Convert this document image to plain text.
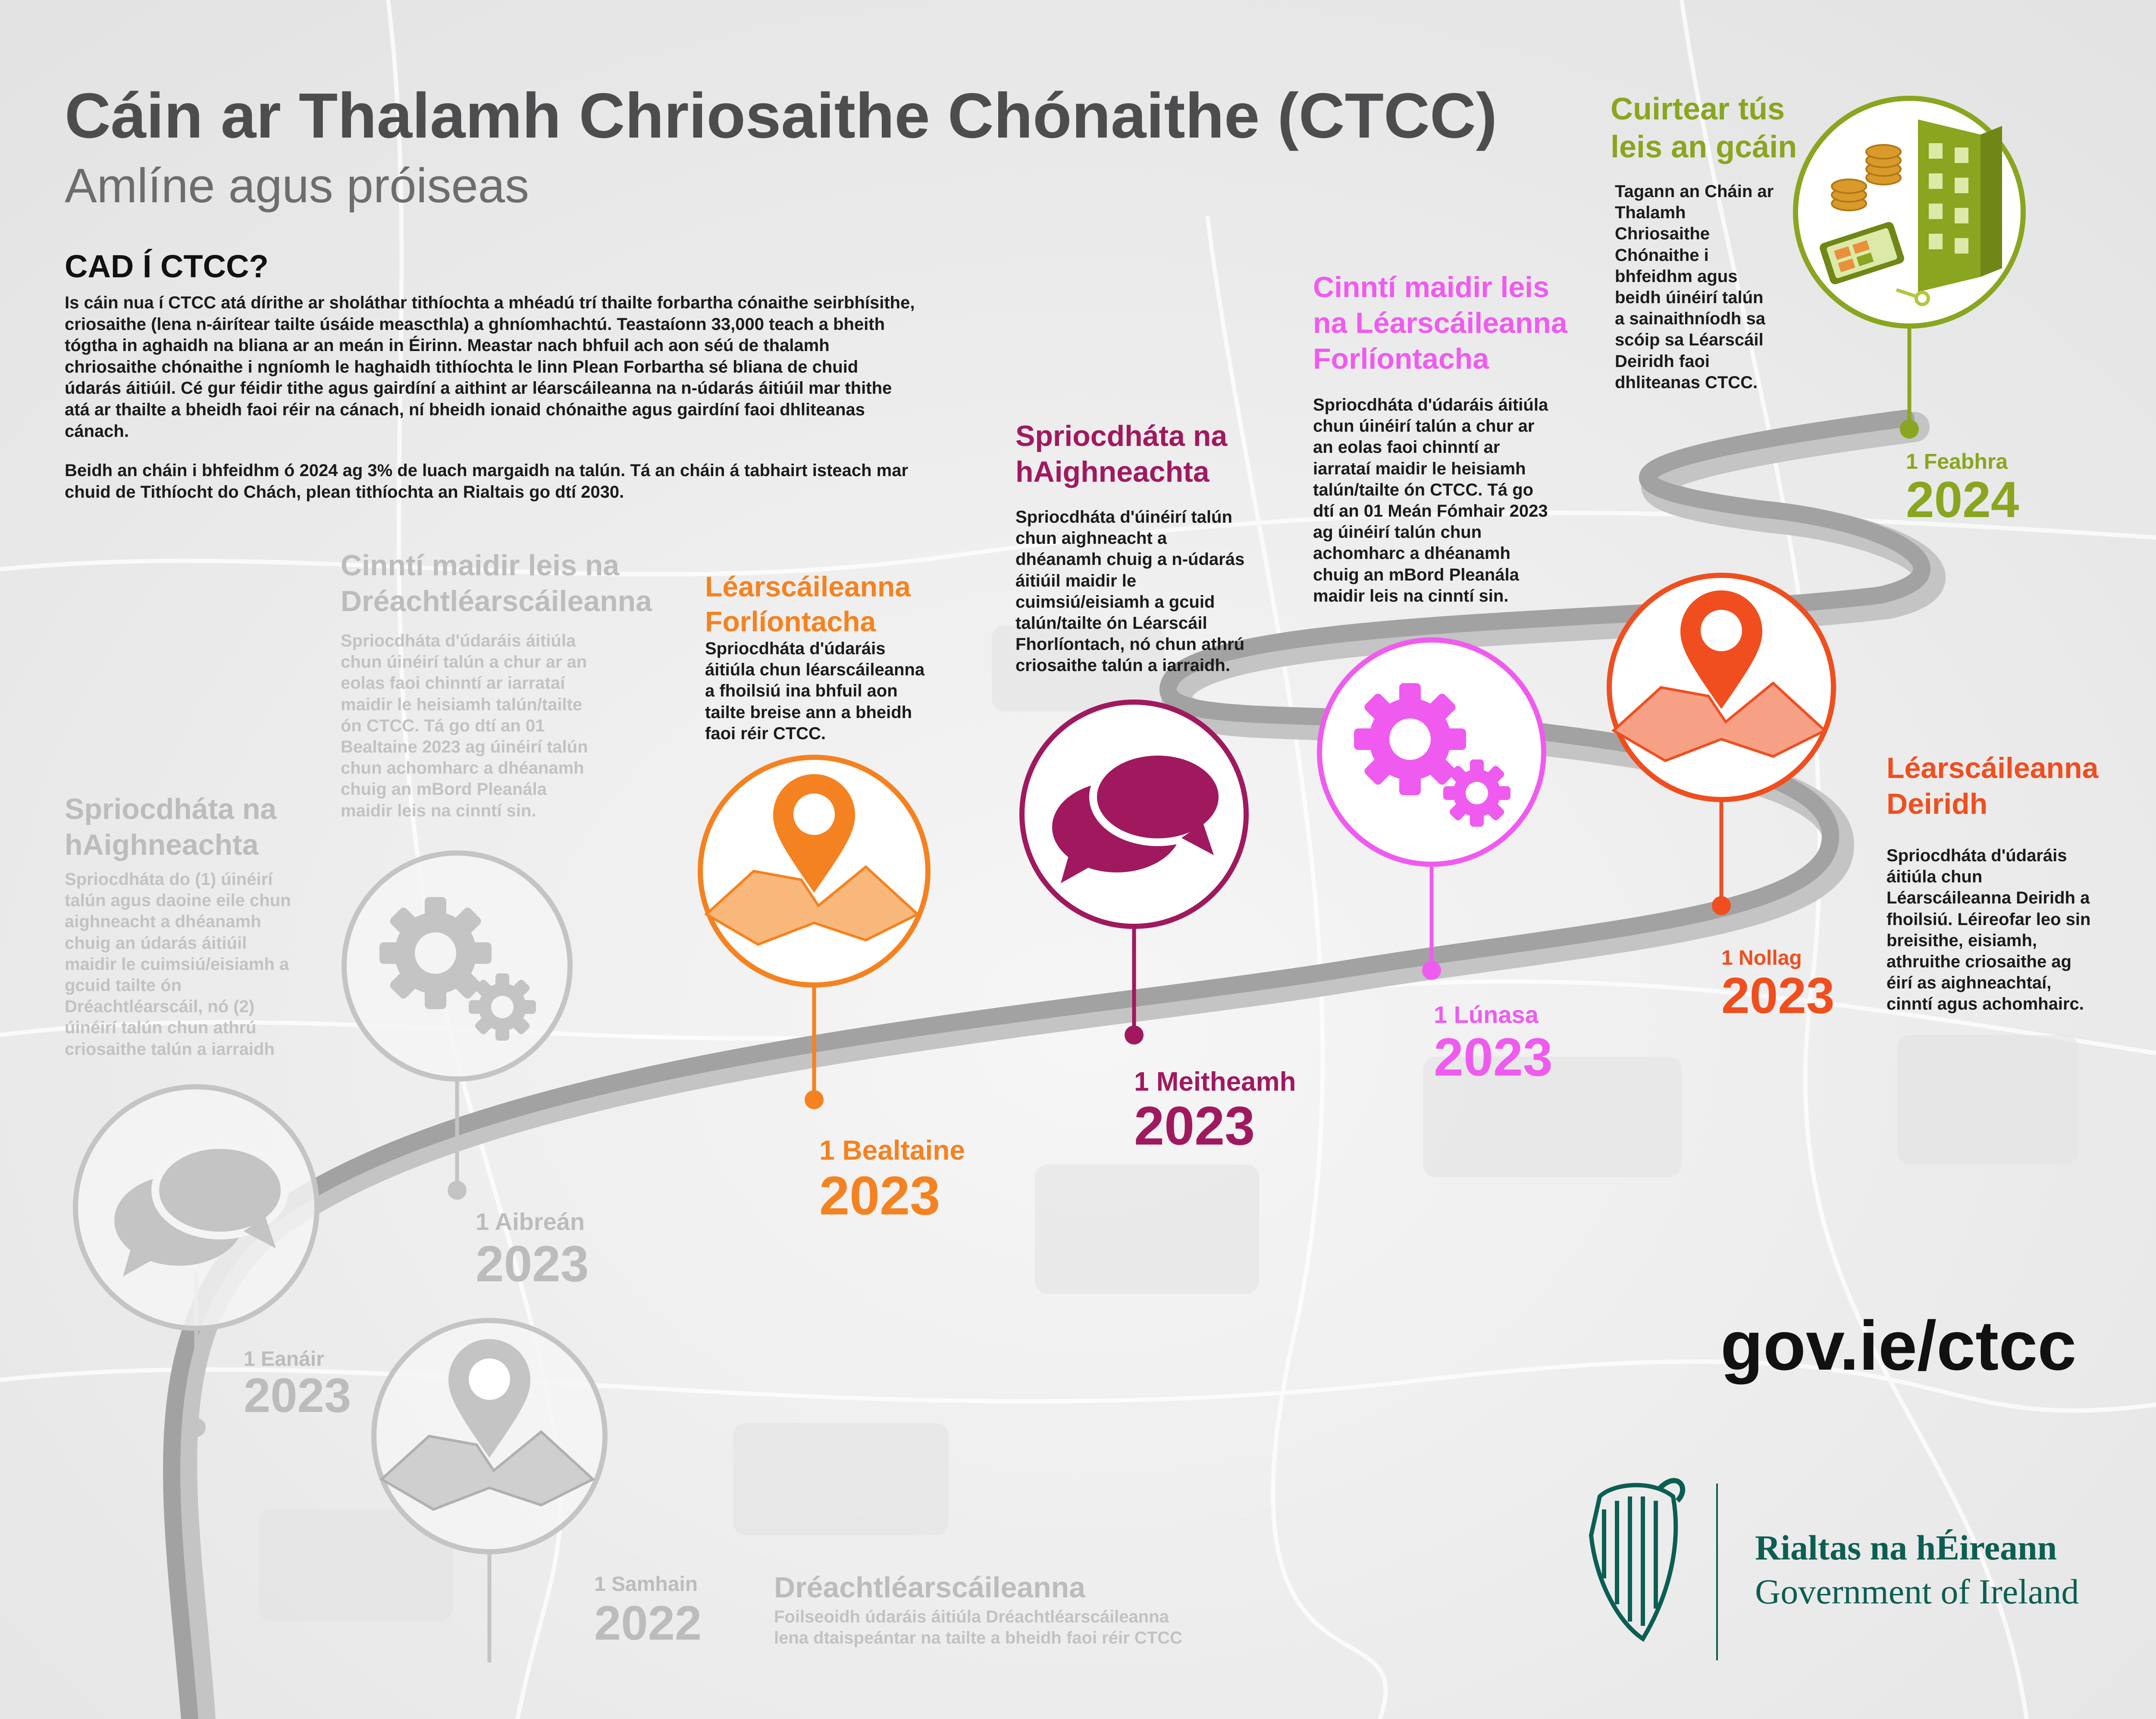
Cáin ar Thalamh Chriosaithe Chónaithe (CTCC)

Amlíne agus próiseas

CAD Í CTCC?

Is cáin nua í CTCC atá dírithe ar sholáthar tithíochta a mhéadú trí thailte forbartha cónaithe seirbhísithe, criosaithe (lena n-áirítear tailte úsáide meascthla) a ghníomhachtú. Teastaíonn 33,000 teach a bheith tógtha in aghaidh na bliana ar an meán in Éirinn. Meastar nach bhfuil ach aon séú de thalamh chriosaithe chónaithe i ngníomh le haghaidh tithíochta le linn Plean Forbartha sé bliana de chuid údarás áitiúil. Cé gur féidir tithe agus gairdíní a aithint ar léarscáileanna na n-údarás áitiúil mar thithe atá ar thailte a bheidh faoi réir na cánach, ní bheidh ionaid chónaithe agus gairdíní faoi dhliteanas cánach.

Beidh an cháin i bhfeidhm ó 2024 ag 3% de luach margaidh na talún. Tá an cháin á tabhairt isteach mar chuid de Tithíocht do Chách, plean tithíochta an Rialtais go dtí 2030.

Dréachtléarscáileanna
Foilseoidh údaráis áitiúla Dréachtléarscáileanna
lena dtaispeántar na tailte a bheidh faoi réir CTCC
1 Samhain
2022
Spriocdháta na
hAighneachta
Spriocdháta do (1) úinéirí
talún agus daoine eile chun
aighneacht a dhéanamh
chuig an údarás áitiúil
maidir le cuimsiú/eisiamh a
gcuid tailte ón
Dréachtléarscáil, nó (2)
úinéirí talún chun athrú
criosaithe talún a iarraidh
1 Eanáir
2023
Cinntí maidir leis na
Dréachtléarscáileanna
Spriocdháta d'údaráis áitiúla
chun úinéirí talún a chur ar an
eolas faoi chinntí ar iarrataí
maidir le heisiamh talún/tailte
ón CTCC. Tá go dtí an 01
Bealtaine 2023 ag úinéirí talún
chun achomharc a dhéanamh
chuig an mBord Pleanála
maidir leis na cinntí sin.
1 Aibreán
2023
Léarscáileanna
Forlíontacha
Spriocdháta d'údaráis
áitiúla chun léarscáileanna
a fhoilsiú ina bhfuil aon
tailte breise ann a bheidh
faoi réir CTCC.
1 Bealtaine
2023
Spriocdháta na
hAighneachta
Spriocdháta d'úinéirí talún
chun aighneacht a
dhéanamh chuig a n-údarás
áitiúil maidir le
cuimsiú/eisiamh a gcuid
talún/tailte ón Léarscáil
Fhorlíontach, nó chun athrú
criosaithe talún a iarraidh.
1 Meitheamh
2023
Cinntí maidir leis
na Léarscáileanna
Forlíontacha
Spriocdháta d'údaráis áitiúla
chun úinéirí talún a chur ar
an eolas faoi chinntí ar
iarrataí maidir le heisiamh
talún/tailte ón CTCC. Tá go
dtí an 01 Meán Fómhair 2023
ag úinéirí talún chun
achomharc a dhéanamh
chuig an mBord Pleanála
maidir leis na cinntí sin.
1 Lúnasa
2023
Léarscáileanna
Deiridh
Spriocdháta d'údaráis
áitiúla chun
Léarscáileanna Deiridh a
fhoilsiú. Léireofar leo sin
breisithe, eisiamh,
athruithe criosaithe ag
éirí as aighneachtaí,
cinntí agus achomhairc.
1 Nollag
2023
Cuirtear tús
leis an gcáin
Tagann an Cháin ar
Thalamh
Chriosaithe
Chónaithe i
bhfeidhm agus
beidh úinéirí talún
a sainaithníodh sa
scóip sa Léarscáil
Deiridh faoi
dhliteanas CTCC.
1 Feabhra
2024
gov.ie/ctcc
Rialtas na hÉireann
Government of Ireland
